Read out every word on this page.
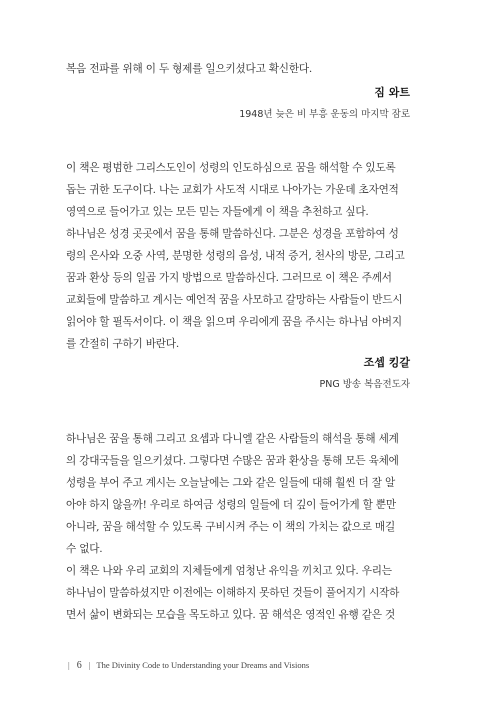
복음 전파를 위해 이 두 형제를 일으키셨다고 확신한다.
짐 와트
1948년 늦은 비 부흥 운동의 마지막 잠로
이 책은 평범한 그리스도인이 성령의 인도하심으로 꿈을 해석할 수 있도록
돕는 귀한 도구이다. 나는 교회가 사도적 시대로 나아가는 가운데 초자연적
영역으로 들어가고 있는 모든 믿는 자들에게 이 책을 추천하고 싶다.
하나님은 성경 곳곳에서 꿈을 통해 말씀하신다. 그분은 성경을 포함하여 성
령의 은사와 오중 사역, 분명한 성령의 음성, 내적 증거, 천사의 방문, 그리고
꿈과 환상 등의 일곱 가지 방법으로 말씀하신다. 그러므로 이 책은 주께서
교회들에 말씀하고 계시는 예언적 꿈을 사모하고 갈망하는 사람들이 반드시
읽어야 할 필독서이다. 이 책을 읽으며 우리에게 꿈을 주시는 하나님 아버지
를 간절히 구하기 바란다.
조셉 킹갈
PNG 방송 복음전도자
하나님은 꿈을 통해 그리고 요셉과 다니엘 같은 사람들의 해석을 통해 세계
의 강대국들을 일으키셨다. 그렇다면 수많은 꿈과 환상을 통해 모든 육체에
성령을 부어 주고 계시는 오늘날에는 그와 같은 일들에 대해 훨씬 더 잘 알
아야 하지 않을까! 우리로 하여금 성령의 일들에 더 깊이 들어가게 할 뿐만
아니라, 꿈을 해석할 수 있도록 구비시켜 주는 이 책의 가치는 값으로 매길
수 없다.
이 책은 나와 우리 교회의 지체들에게 엄청난 유익을 끼치고 있다. 우리는
하나님이 말씀하셨지만 이전에는 이해하지 못하던 것들이 풀어지기 시작하
면서 삶이 변화되는 모습을 목도하고 있다. 꿈 해석은 영적인 유행 같은 것
| 6 | The Divinity Code to Understanding your Dreams and Visions
